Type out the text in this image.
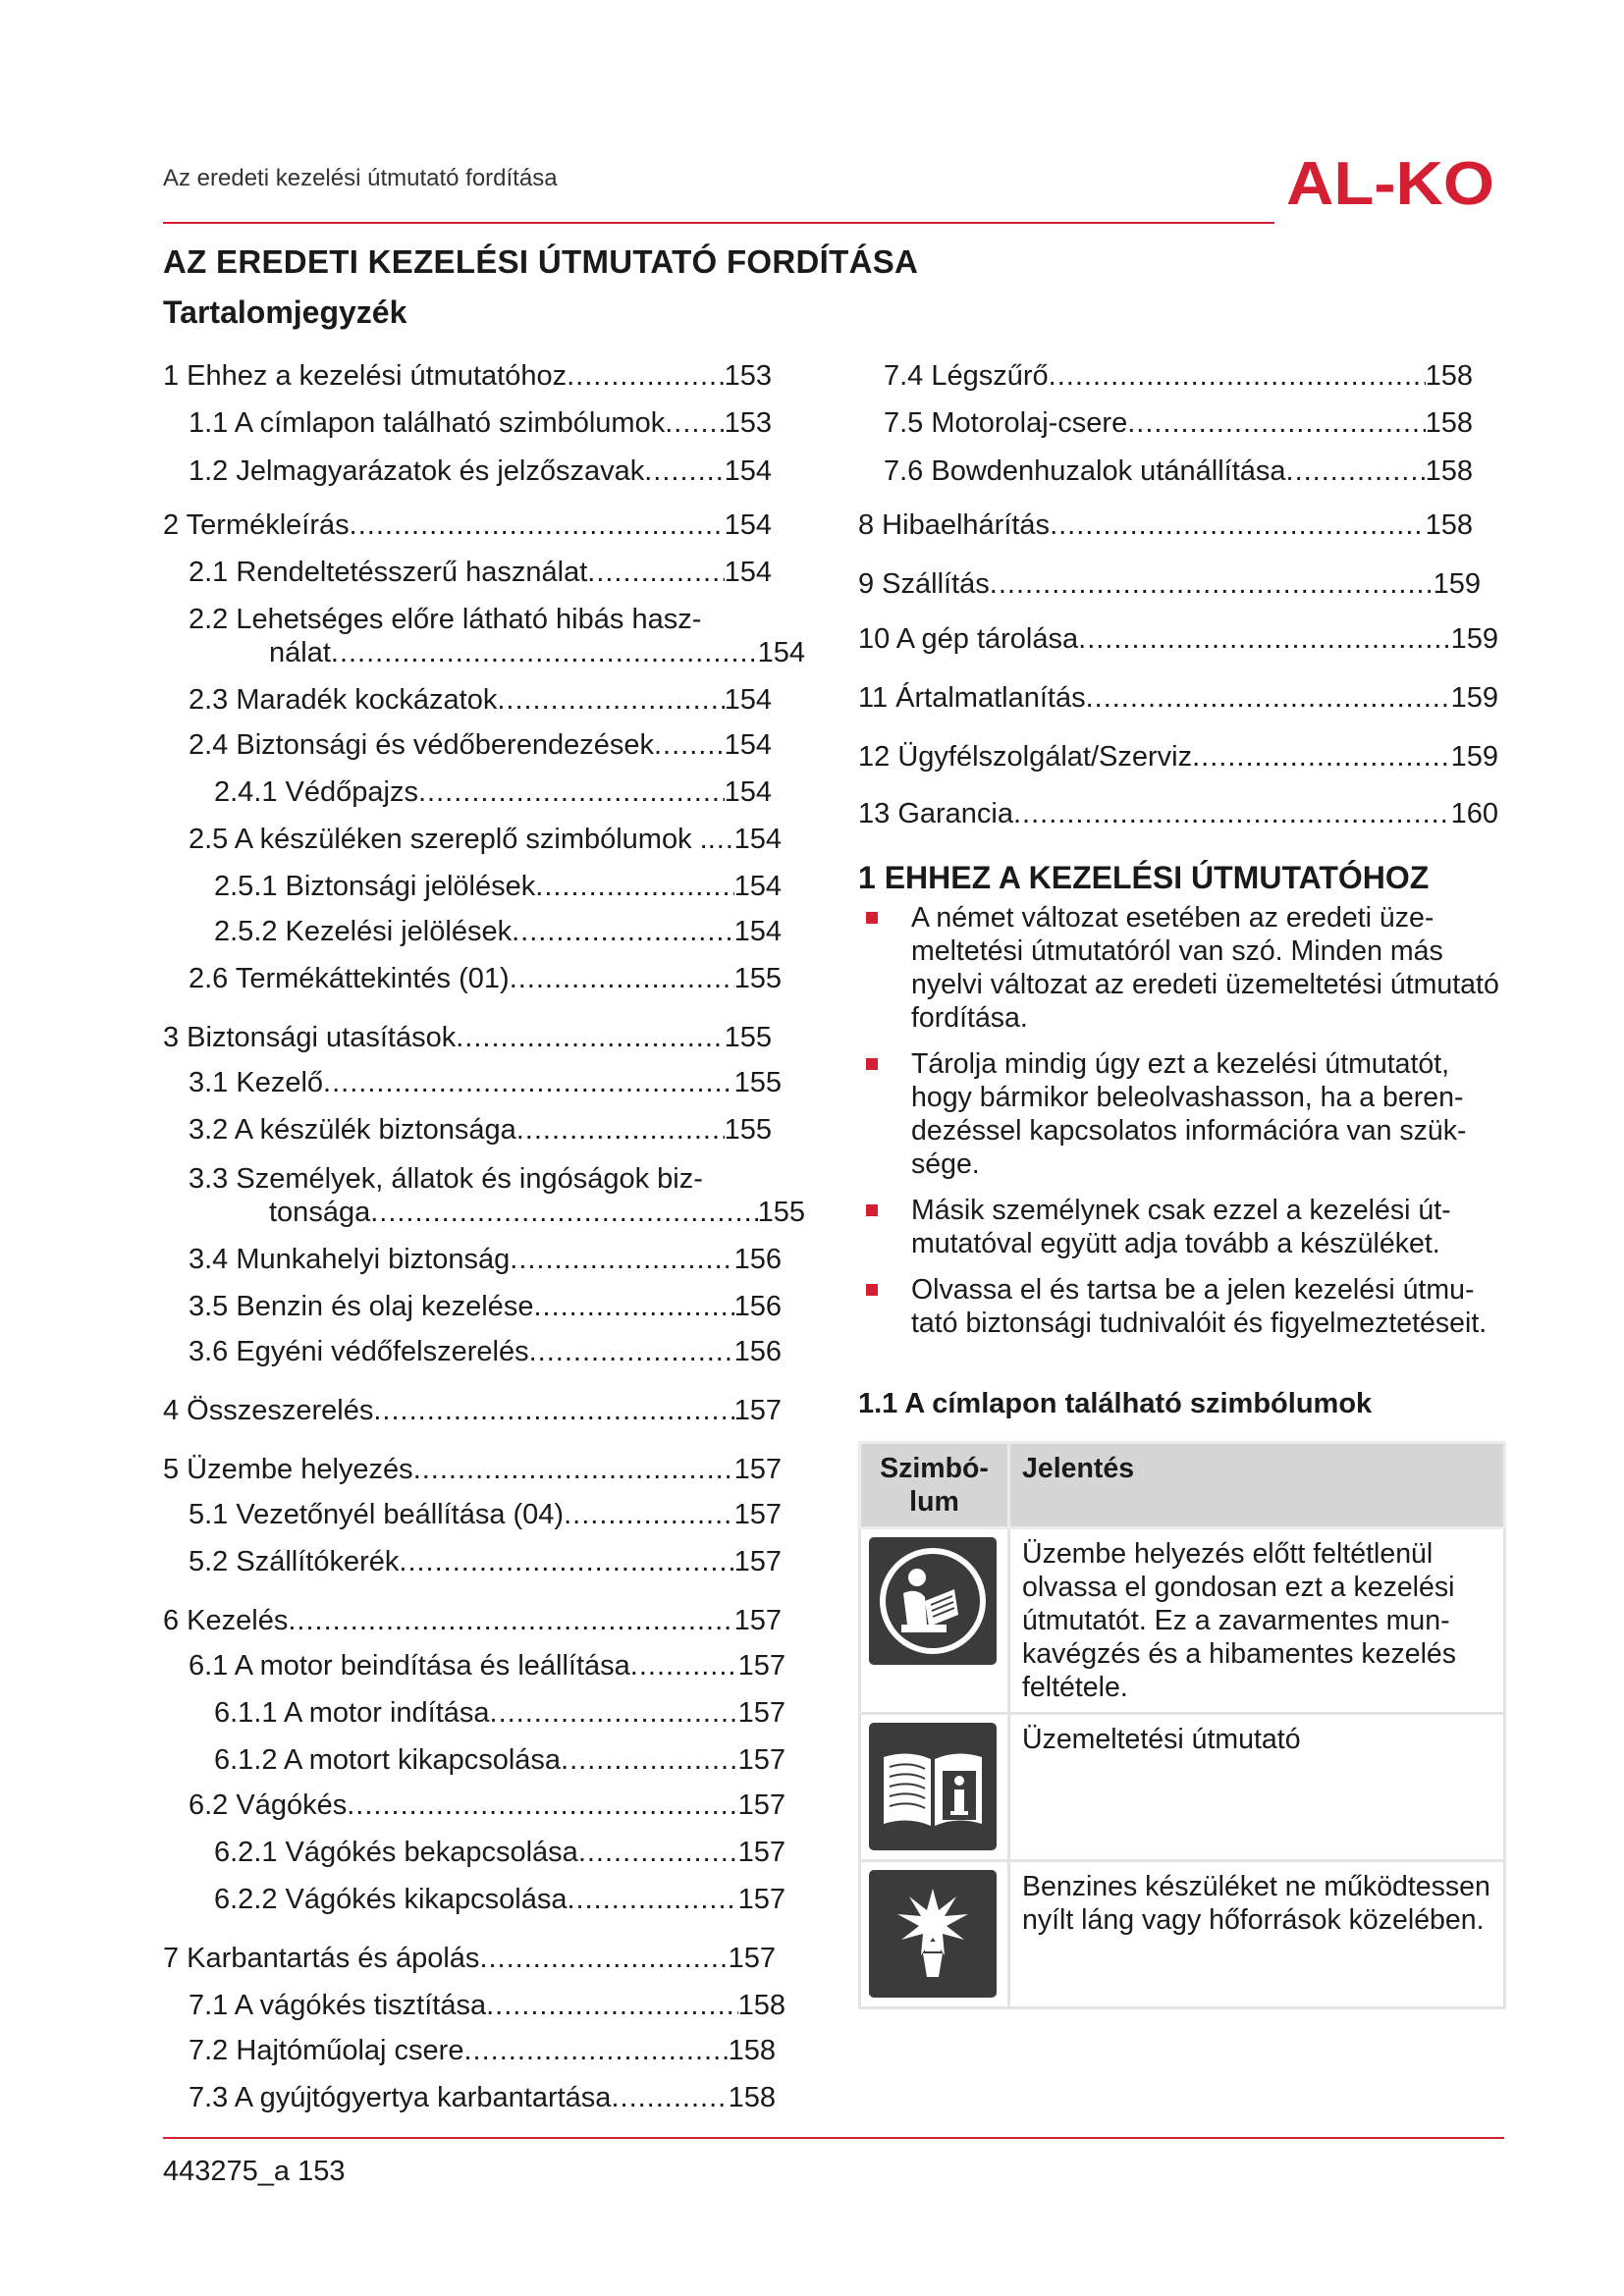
Az eredeti kezelési útmutató fordítása	AL-KO
AZ EREDETI KEZELÉSI ÚTMUTATÓ FORDÍTÁSA
Tartalomjegyzék
1 Ehhez a kezelési útmutatóhoz .....	153
1.1 A címlapon található szimbólumok ..... 153
1.2 Jelmagyarázatok és jelzőszavak .....	154
2 Termékleírás .....	154
2.1 Rendeltetésszerű használat .....	154
2.2 Lehetséges előre látható hibás hasz-
nálat .....	154
2.3 Maradék kockázatok .....	154
2.4 Biztonsági és védőberendezések ..... 154
2.4.1 Védőpajzs .....	154
2.5 A készüléken szereplő szimbólumok . ..... 154
2.5.1 Biztonsági jelölések .....	154
2.5.2 Kezelési jelölések .....	154
2.6 Termékáttekintés (01) .....	155
3 Biztonsági utasítások .....	155
3.1 Kezelő .....	155
3.2 A készülék biztonsága .....	155
3.3 Személyek, állatok és ingóságok biz-
tonsága .....	155
3.4 Munkahelyi biztonság .....	156
3.5 Benzin és olaj kezelése .....	156
3.6 Egyéni védőfelszerelés .....	156
4 Összeszerelés .....	157
5 Üzembe helyezés .....	157
5.1 Vezetőnyél beállítása (04) .....	157
5.2 Szállítókerék .....	157
6 Kezelés .....	157
6.1 A motor beindítása és leállítása .....	157
6.1.1 A motor indítása .....	157
6.1.2 A motort kikapcsolása .....	157
6.2 Vágókés .....	157
6.2.1 Vágókés bekapcsolása .....	157
6.2.2 Vágókés kikapcsolása .....	157
7 Karbantartás és ápolás .....	157
7.1 A vágókés tisztítása .....	158
7.2 Hajtóműolaj csere .....	158
7.3 A gyújtógyertya karbantartása .....	158
7.4 Légszűrő .....	158
7.5 Motorolaj-csere .....	158
7.6 Bowdenhuzalok utánállítása .....	158
8 Hibaelhárítás .....	158
9 Szállítás .....	159
10 A gép tárolása .....	159
11 Ártalmatlanítás .....	159
12 Ügyfélszolgálat/Szerviz .....	159
13 Garancia .....	160
1 EHHEZ A KEZELÉSI ÚTMUTATÓHOZ
A német változat esetében az eredeti üzemeltetési útmutatóról van szó. Minden más nyelvi változat az eredeti üzemeltetési útmutató fordítása.
Tárolja mindig úgy ezt a kezelési útmutatót, hogy bármikor beleolvashasson, ha a berendezéssel kapcsolatos információra van szüksége.
Másik személynek csak ezzel a kezelési útmutatóval együtt adja tovább a készüléket.
Olvassa el és tartsa be a jelen kezelési útmutató biztonsági tudnivalóit és figyelmeztetéseit.
1.1 A címlapon található szimbólumok
Szimbólum	Jelentés

	Üzembe helyezés előtt feltétlenül olvassa el gondosan ezt a kezelési útmutatót. Ez a zavarmentes munkavégzés és a hibamentes kezelés feltétele.

	Üzemeltetési útmutató

	Benzines készüléket ne működtessen nyílt láng vagy hőforrások közelében.
443275_a 153
